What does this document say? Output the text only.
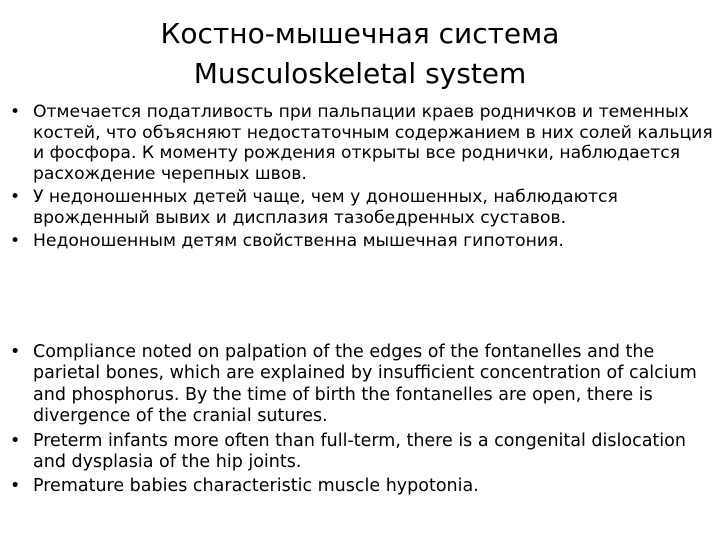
Костно-мышечная система
Musculoskeletal system
• Отмечается податливость при пальпации краев родничков и теменных костей, что объясняют недостаточным содержанием в них солей кальция и фосфора. К моменту рождения открыты все роднички, наблюдается расхождение черепных швов.
• У недоношенных детей чаще, чем у доношенных, наблюдаются врожденный вывих и дисплазия тазобедренных суставов.
• Недоношенным детям свойственна мышечная гипотония.
• Compliance noted on palpation of the edges of the fontanelles and the parietal bones, which are explained by insufficient concentration of calcium and phosphorus. By the time of birth the fontanelles are open, there is divergence of the cranial sutures.
• Preterm infants more often than full-term, there is a congenital dislocation and dysplasia of the hip joints.
• Premature babies characteristic muscle hypotonia.
